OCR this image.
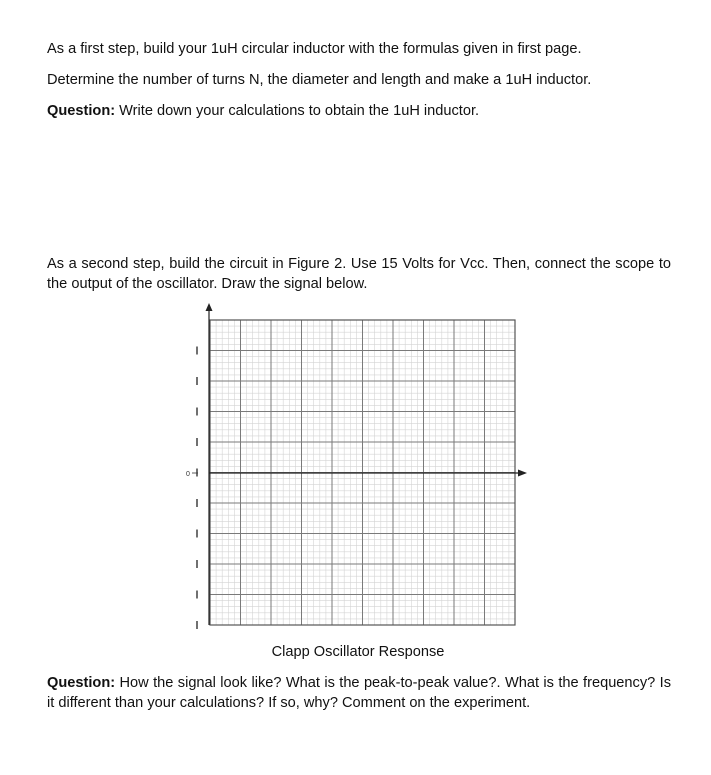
As a first step, build your 1uH circular inductor with the formulas given in first page.
Determine the number of turns N, the diameter and length and make a 1uH inductor.
Question: Write down your calculations to obtain the 1uH inductor.
As a second step, build the circuit in Figure 2. Use 15 Volts for Vcc. Then, connect the scope to the output of the oscillator. Draw the signal below.
0
Clapp Oscillator Response
Question: How the signal look like? What is the peak-to-peak value?. What is the frequency? Is it different than your calculations? If so, why? Comment on the experiment.
